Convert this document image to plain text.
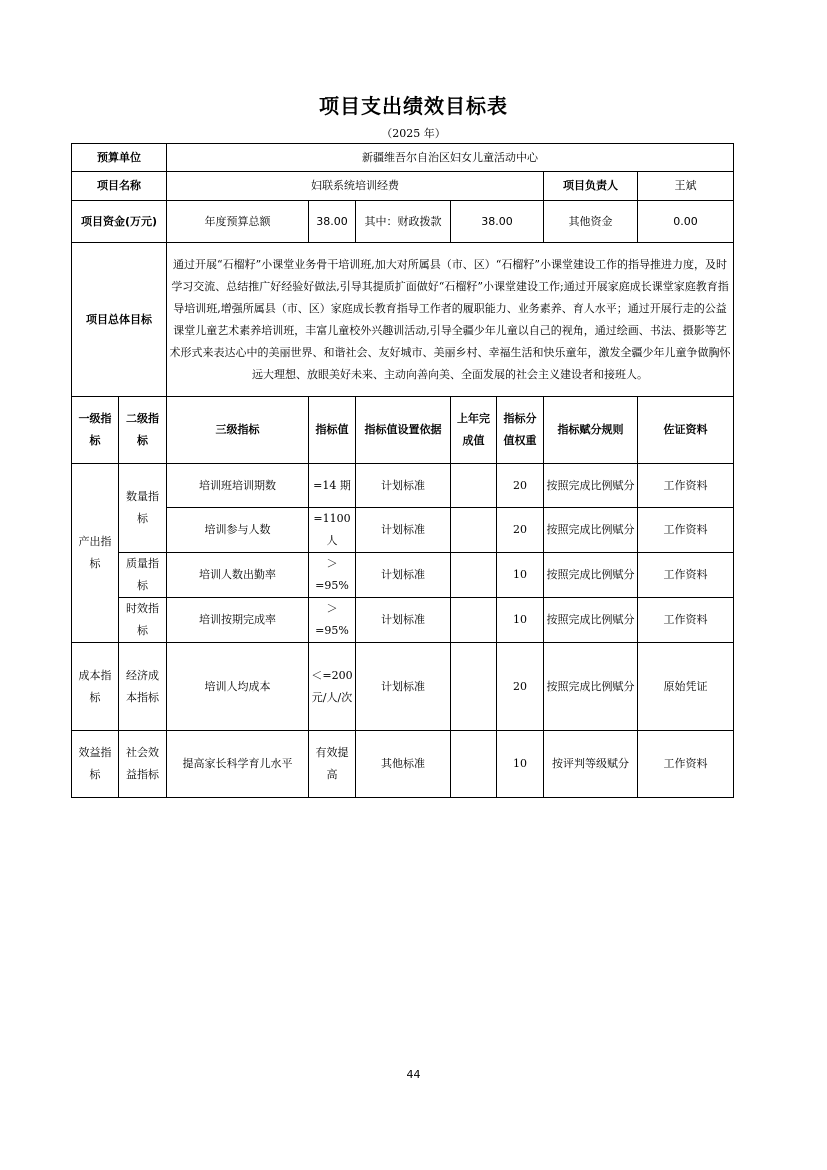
项目支出绩效目标表
（2025 年）
预算单位		新疆维吾尔自治区妇女儿童活动中心						
项目名称		妇联系统培训经费					项目负责人	王斌
项目资金(万元)		年度预算总额	38.00	其中：财政拨款	38.00		其他资金	0.00
项目总体目标		通过开展“石榴籽”小课堂业务骨干培训班,加大对所属县（市、区）“石榴籽”小课堂建设工作的指导推进力度，及时学习交流、总结推广好经验好做法,引导其提质扩面做好“石榴籽”小课堂建设工作;通过开展家庭成长课堂家庭教育指导培训班,增强所属县（市、区）家庭成长教育指导工作者的履职能力、业务素养、育人水平；通过开展行走的公益课堂儿童艺术素养培训班，丰富儿童校外兴趣训活动,引导全疆少年儿童以自己的视角，通过绘画、书法、摄影等艺术形式来表达心中的美丽世界、和谐社会、友好城市、美丽乡村、幸福生活和快乐童年，激发全疆少年儿童争做胸怀远大理想、放眼美好未来、主动向善向美、全面发展的社会主义建设者和接班人。						
一级指标	二级指标	三级指标	指标值	指标值设置依据	上年完成值	指标分值权重	指标赋分规则	佐证资料
产出指标	数量指标	培训班培训期数	=14 期	计划标准		20	按照完成比例赋分	工作资料
		培训参与人数	=1100人	计划标准		20	按照完成比例赋分	工作资料
	质量指标	培训人数出勤率	＞=95%	计划标准		10	按照完成比例赋分	工作资料
	时效指标	培训按期完成率	＞=95%	计划标准		10	按照完成比例赋分	工作资料
成本指标	经济成本指标	培训人均成本	＜=200元/人/次	计划标准		20	按照完成比例赋分	原始凭证
效益指标	社会效益指标	提高家长科学育儿水平	有效提高	其他标准		10	按评判等级赋分	工作资料
44
